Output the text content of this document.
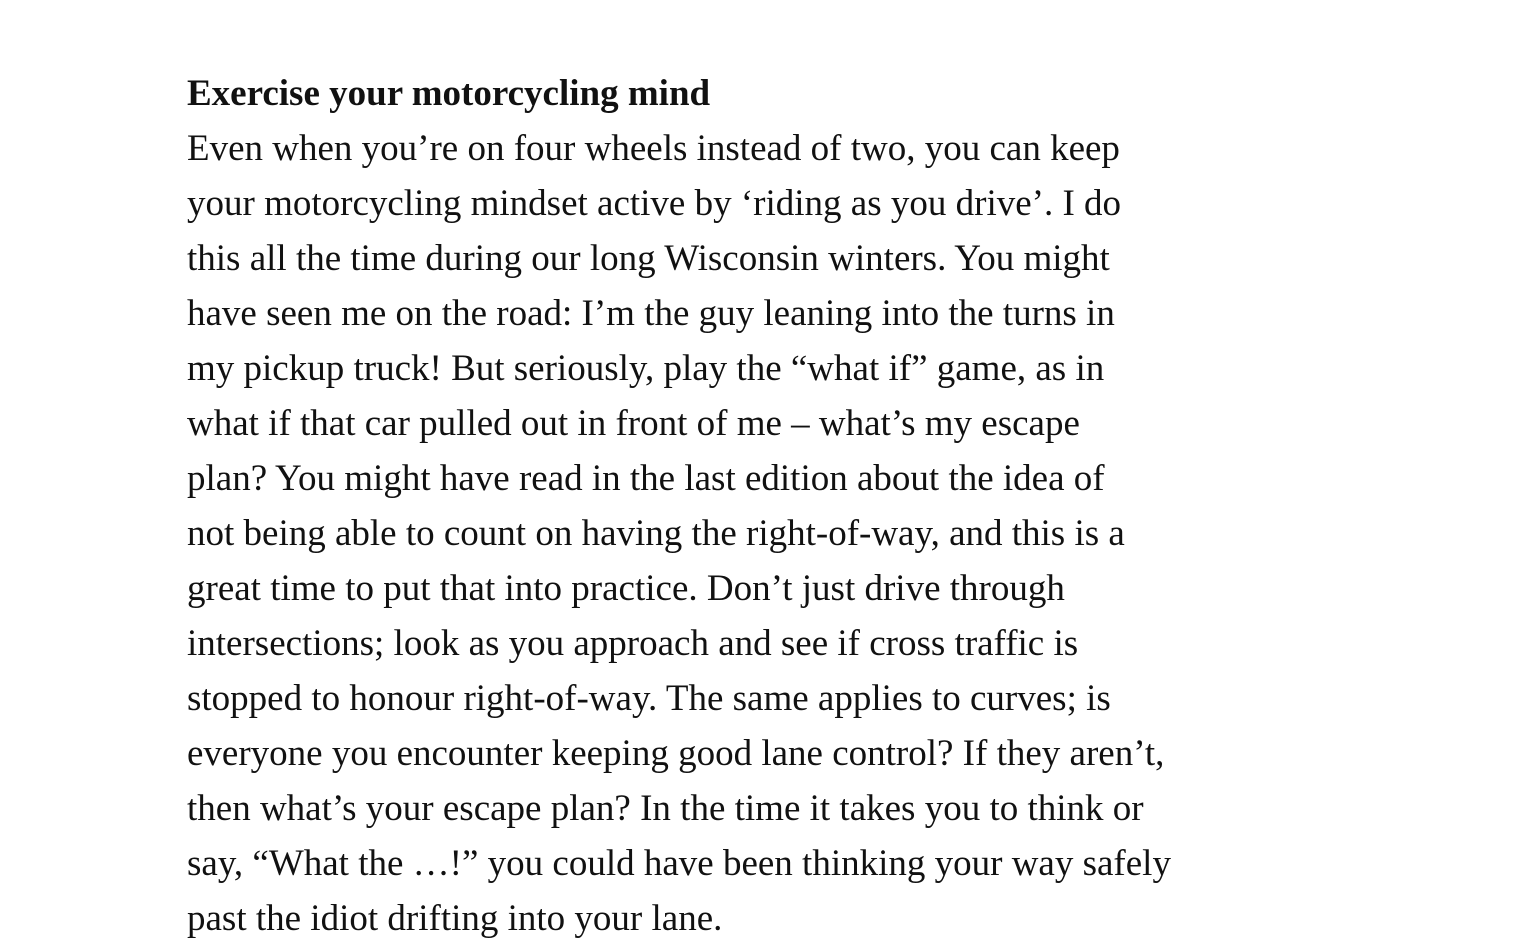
Exercise your motorcycling mind

Even when you’re on four wheels instead of two, you can keep

your motorcycling mindset active by ‘riding as you drive’. I do

this all the time during our long Wisconsin winters. You might

have seen me on the road: I’m the guy leaning into the turns in

my pickup truck! But seriously, play the “what if” game, as in

what if that car pulled out in front of me – what’s my escape

plan? You might have read in the last edition about the idea of

not being able to count on having the right-of-way, and this is a

great time to put that into practice. Don’t just drive through

intersections; look as you approach and see if cross traffic is

stopped to honour right-of-way. The same applies to curves; is

everyone you encounter keeping good lane control? If they aren’t,

then what’s your escape plan? In the time it takes you to think or

say, “What the …!” you could have been thinking your way safely

past the idiot drifting into your lane.
